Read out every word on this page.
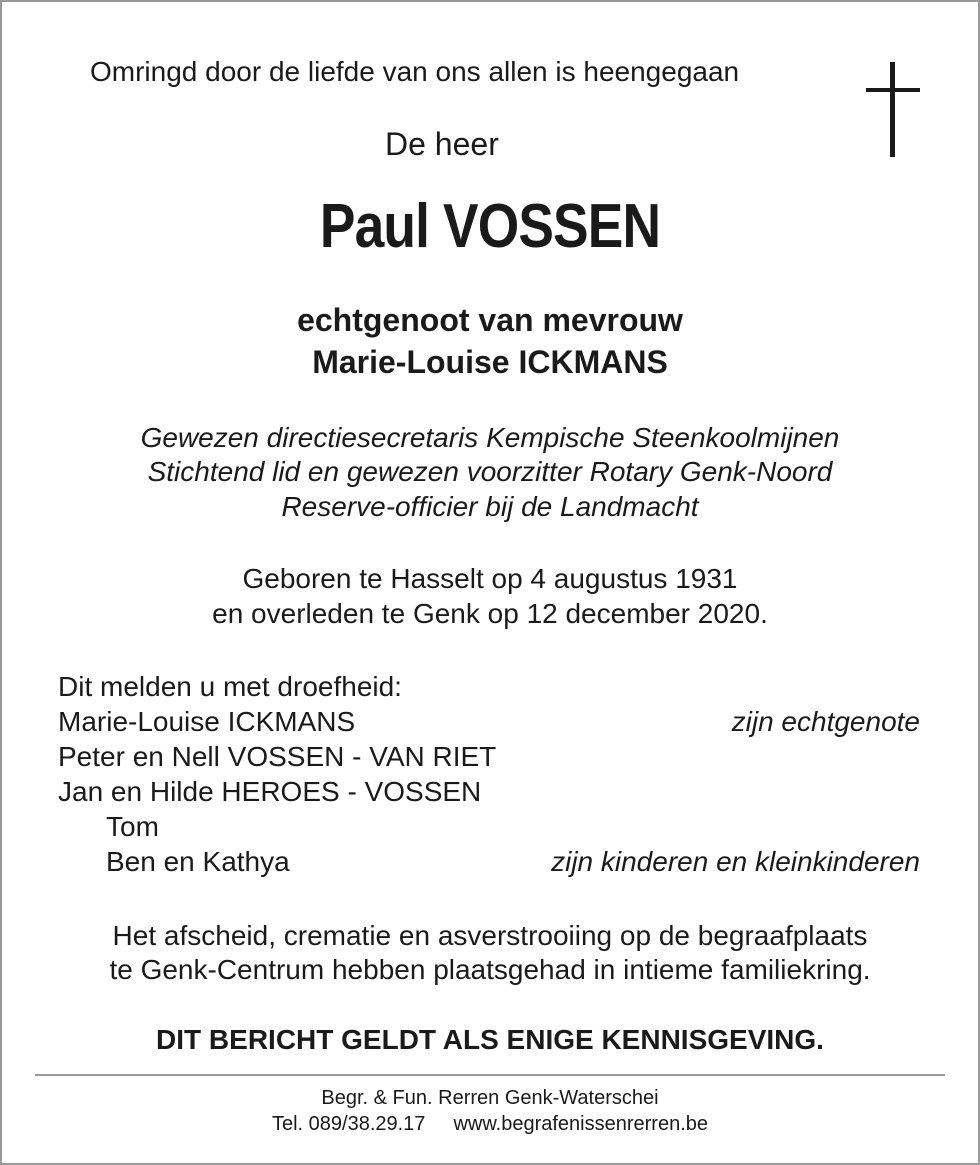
Omringd door de liefde van ons allen is heengegaan
De heer
Paul VOSSEN
echtgenoot van mevrouw
Marie-Louise ICKMANS
Gewezen directiesecretaris Kempische Steenkoolmijnen
Stichtend lid en gewezen voorzitter Rotary Genk-Noord
Reserve-officier bij de Landmacht
Geboren te Hasselt op 4 augustus 1931
en overleden te Genk op 12 december 2020.
Dit melden u met droefheid:
Marie-Louise ICKMANS	zijn echtgenote
Peter en Nell VOSSEN - VAN RIET
Jan en Hilde HEROES - VOSSEN
Tom
Ben en Kathya	zijn kinderen en kleinkinderen
Het afscheid, crematie en asverstrooiing op de begraafplaats
te Genk-Centrum hebben plaatsgehad in intieme familiekring.
DIT BERICHT GELDT ALS ENIGE KENNISGEVING.
Begr. & Fun. Rerren Genk-Waterschei
Tel. 089/38.29.17 www.begrafenissenrerren.be
